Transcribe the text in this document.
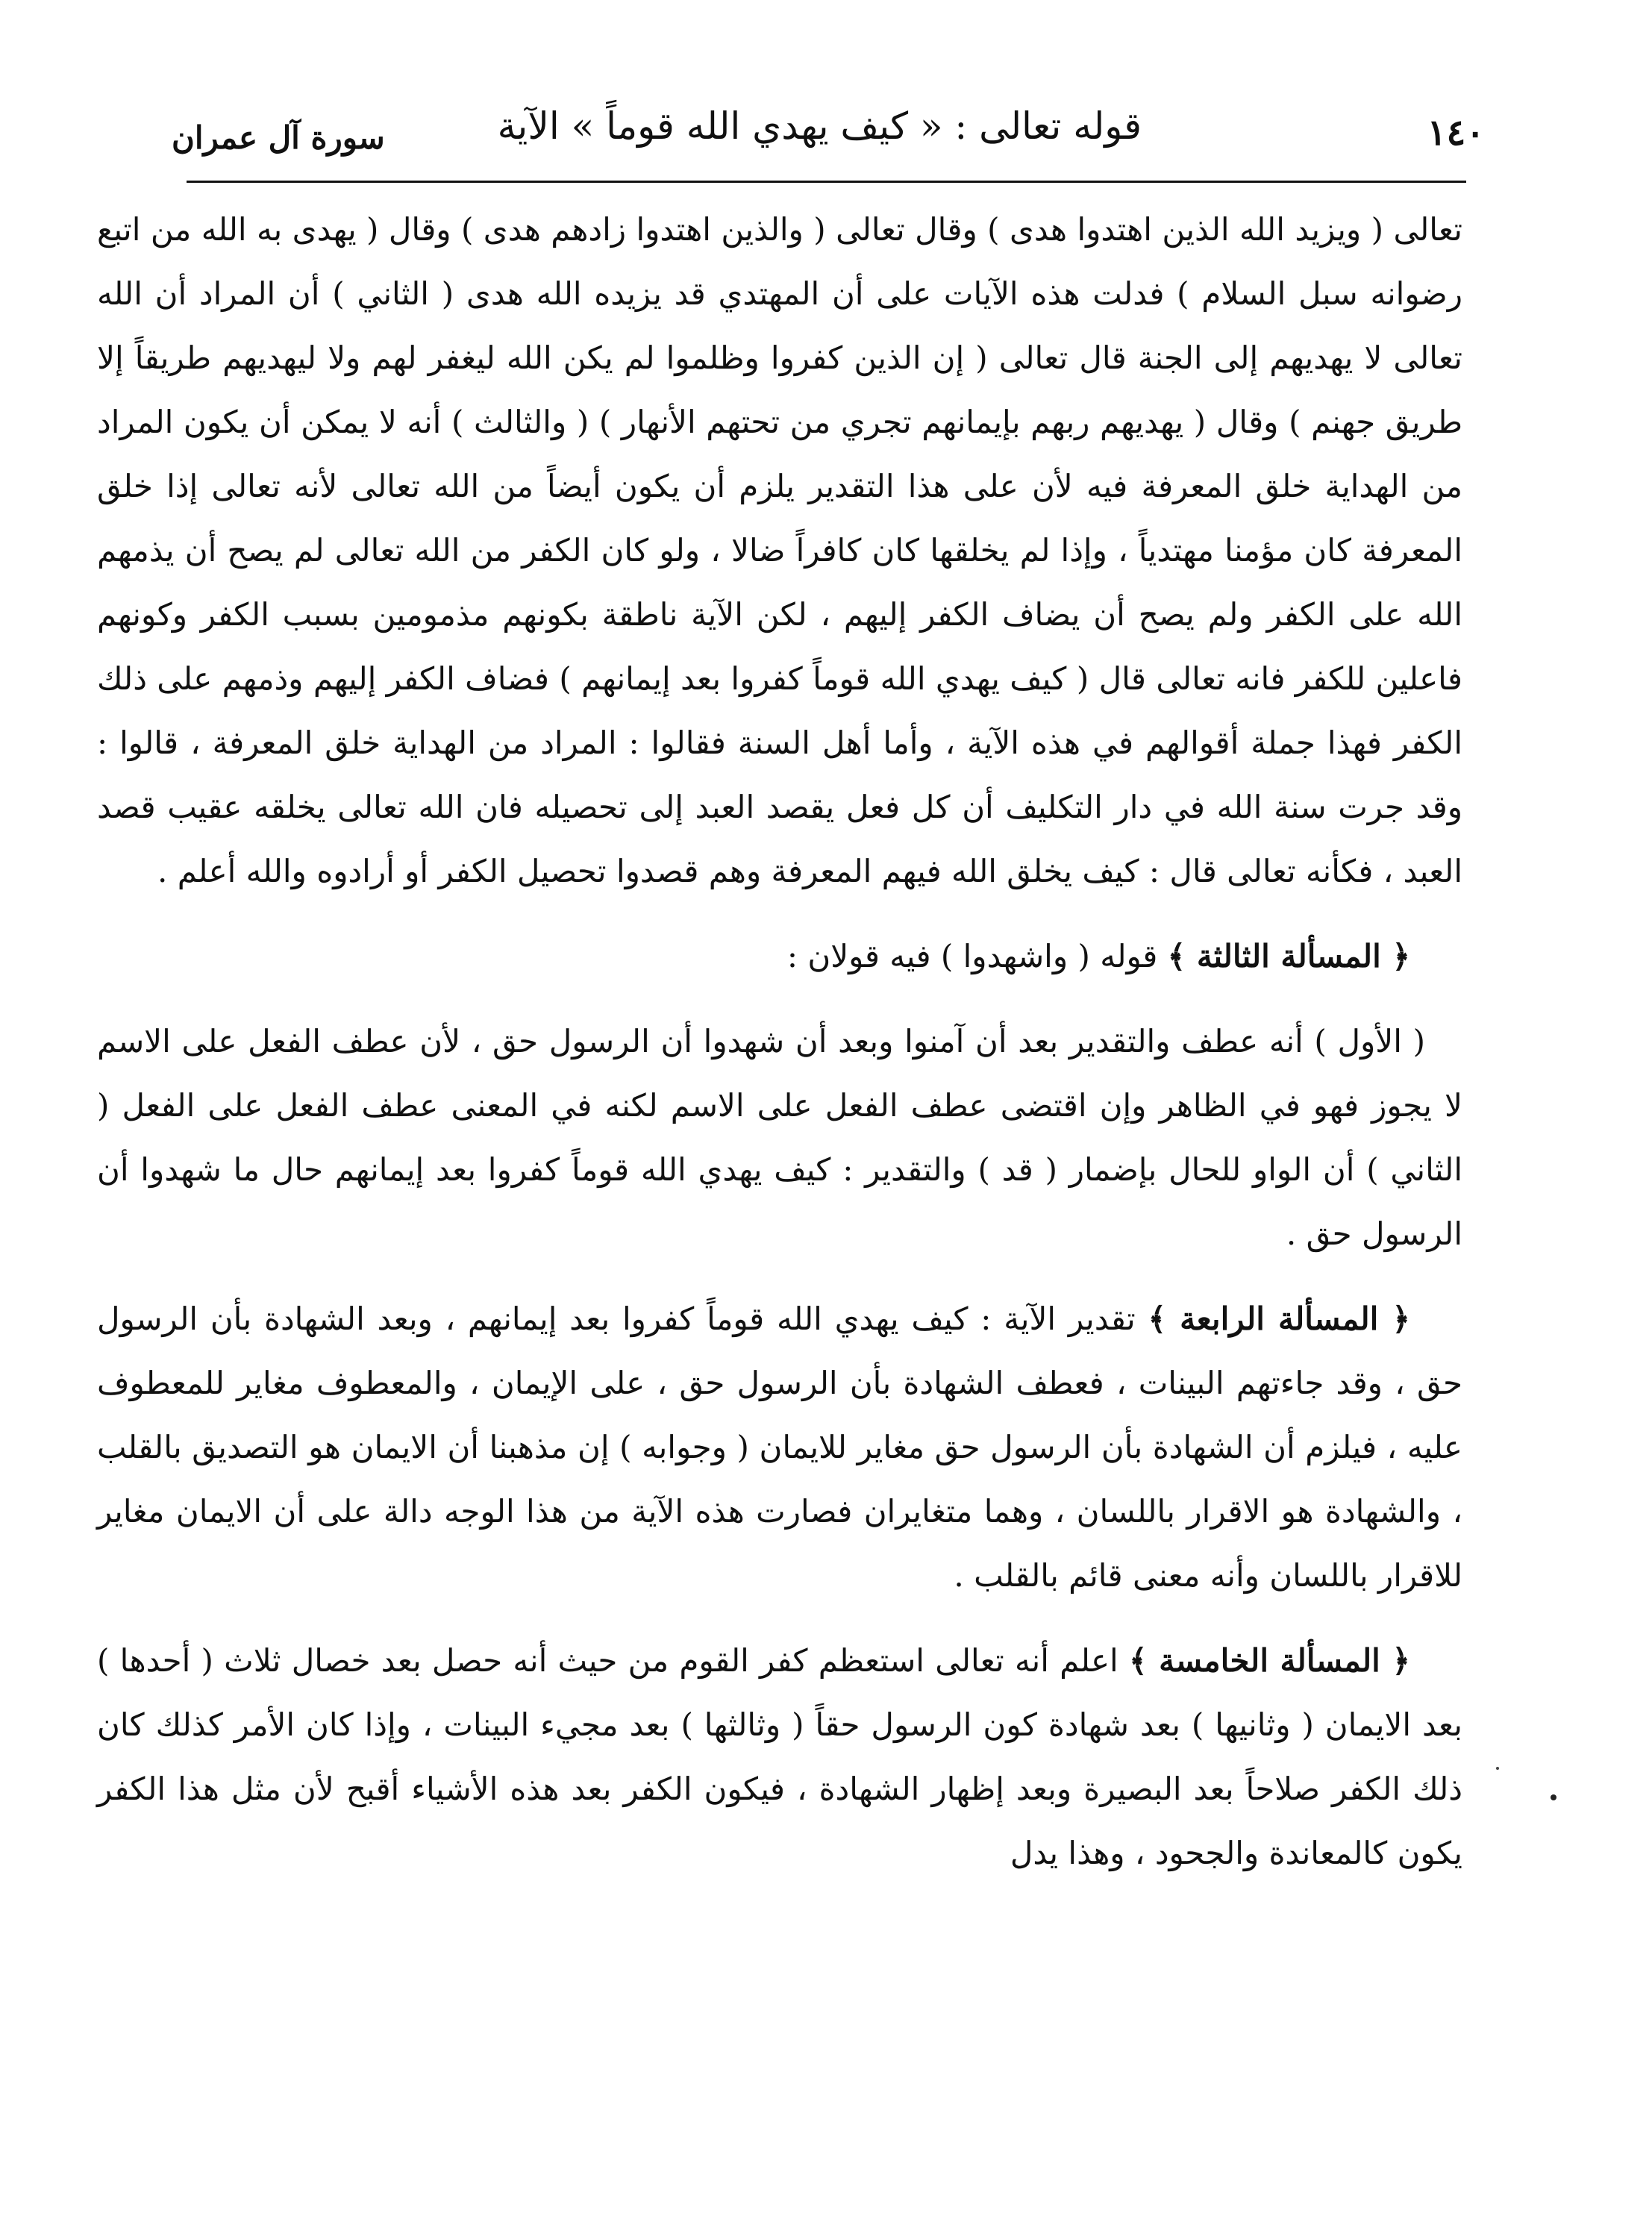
١٤٠
قوله تعالى : « كيف يهدي الله قوماً » الآية
سورة آل عمران

تعالى ( ويزيد الله الذين اهتدوا هدى ) وقال تعالى ( والذين اهتدوا زادهم هدى ) وقال ( يهدى به الله من اتبع رضوانه سبل السلام ) فدلت هذه الآيات على أن المهتدي قد يزيده الله هدى ( الثاني ) أن المراد أن الله تعالى لا يهديهم إلى الجنة قال تعالى ( إن الذين كفروا وظلموا لم يكن الله ليغفر لهم ولا ليهديهم طريقاً إلا طريق جهنم ) وقال ( يهديهم ربهم بإيمانهم تجري من تحتهم الأنهار ) ( والثالث ) أنه لا يمكن أن يكون المراد من الهداية خلق المعرفة فيه لأن على هذا التقدير يلزم أن يكون أيضاً من الله تعالى لأنه تعالى إذا خلق المعرفة كان مؤمنا مهتدياً ، وإذا لم يخلقها كان كافراً ضالا ، ولو كان الكفر من الله تعالى لم يصح أن يذمهم الله على الكفر ولم يصح أن يضاف الكفر إليهم ، لكن الآية ناطقة بكونهم مذمومين بسبب الكفر وكونهم فاعلين للكفر فانه تعالى قال ( كيف يهدي الله قوماً كفروا بعد إيمانهم ) فضاف الكفر إليهم وذمهم على ذلك الكفر فهذا جملة أقوالهم في هذه الآية ، وأما أهل السنة فقالوا : المراد من الهداية خلق المعرفة ، قالوا : وقد جرت سنة الله في دار التكليف أن كل فعل يقصد العبد إلى تحصيله فان الله تعالى يخلقه عقيب قصد العبد ، فكأنه تعالى قال : كيف يخلق الله فيهم المعرفة وهم قصدوا تحصيل الكفر أو أرادوه والله أعلم .

﴿ المسألة الثالثة ﴾ قوله ( واشهدوا ) فيه قولان :

( الأول ) أنه عطف والتقدير بعد أن آمنوا وبعد أن شهدوا أن الرسول حق ، لأن عطف الفعل على الاسم لا يجوز فهو في الظاهر وإن اقتضى عطف الفعل على الاسم لكنه في المعنى عطف الفعل على الفعل ( الثاني ) أن الواو للحال بإضمار ( قد ) والتقدير : كيف يهدي الله قوماً كفروا بعد إيمانهم حال ما شهدوا أن الرسول حق .

﴿ المسألة الرابعة ﴾ تقدير الآية : كيف يهدي الله قوماً كفروا بعد إيمانهم ، وبعد الشهادة بأن الرسول حق ، وقد جاءتهم البينات ، فعطف الشهادة بأن الرسول حق ، على الإيمان ، والمعطوف مغاير للمعطوف عليه ، فيلزم أن الشهادة بأن الرسول حق مغاير للايمان ( وجوابه ) إن مذهبنا أن الايمان هو التصديق بالقلب ، والشهادة هو الاقرار باللسان ، وهما متغايران فصارت هذه الآية من هذا الوجه دالة على أن الايمان مغاير للاقرار باللسان وأنه معنى قائم بالقلب .

﴿ المسألة الخامسة ﴾ اعلم أنه تعالى استعظم كفر القوم من حيث أنه حصل بعد خصال ثلاث ( أحدها ) بعد الايمان ( وثانيها ) بعد شهادة كون الرسول حقاً ( وثالثها ) بعد مجيء البينات ، وإذا كان الأمر كذلك كان ذلك الكفر صلاحاً بعد البصيرة وبعد إظهار الشهادة ، فيكون الكفر بعد هذه الأشياء أقبح لأن مثل هذا الكفر يكون كالمعاندة والجحود ، وهذا يدل
